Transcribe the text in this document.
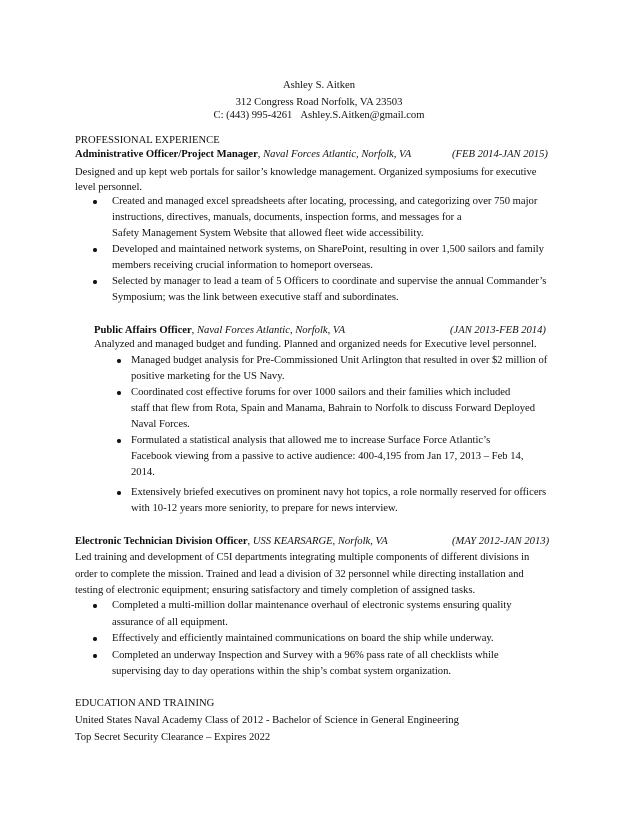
Ashley S. Aitken
312 Congress Road Norfolk, VA 23503
C: (443) 995-4261 Ashley.S.Aitken@gmail.com
PROFESSIONAL EXPERIENCE
Administrative Officer/Project Manager, Naval Forces Atlantic, Norfolk, VA	(FEB 2014-JAN 2015)
Designed and up kept web portals for sailor’s knowledge management. Organized symposiums for executive
level personnel.
Created and managed excel spreadsheets after locating, processing, and categorizing over 750 major
instructions, directives, manuals, documents, inspection forms, and messages for a
Safety Management System Website that allowed fleet wide accessibility.
Developed and maintained network systems, on SharePoint, resulting in over 1,500 sailors and family
members receiving crucial information to homeport overseas.
Selected by manager to lead a team of 5 Officers to coordinate and supervise the annual Commander’s
Symposium; was the link between executive staff and subordinates.
Public Affairs Officer, Naval Forces Atlantic, Norfolk, VA	(JAN 2013-FEB 2014)
Analyzed and managed budget and funding. Planned and organized needs for Executive level personnel.
Managed budget analysis for Pre-Commissioned Unit Arlington that resulted in over $2 million of
positive marketing for the US Navy.
Coordinated cost effective forums for over 1000 sailors and their families which included
staff that flew from Rota, Spain and Manama, Bahrain to Norfolk to discuss Forward Deployed
Naval Forces.
Formulated a statistical analysis that allowed me to increase Surface Force Atlantic’s
Facebook viewing from a passive to active audience: 400-4,195 from Jan 17, 2013 – Feb 14,
2014.
Extensively briefed executives on prominent navy hot topics, a role normally reserved for officers
with 10-12 years more seniority, to prepare for news interview.
Electronic Technician Division Officer, USS KEARSARGE, Norfolk, VA	(MAY 2012-JAN 2013)
Led training and development of C5I departments integrating multiple components of different divisions in
order to complete the mission. Trained and lead a division of 32 personnel while directing installation and
testing of electronic equipment; ensuring satisfactory and timely completion of assigned tasks.
Completed a multi-million dollar maintenance overhaul of electronic systems ensuring quality
assurance of all equipment.
Effectively and efficiently maintained communications on board the ship while underway.
Completed an underway Inspection and Survey with a 96% pass rate of all checklists while
supervising day to day operations within the ship’s combat system organization.
EDUCATION AND TRAINING
United States Naval Academy Class of 2012 - Bachelor of Science in General Engineering
Top Secret Security Clearance – Expires 2022
